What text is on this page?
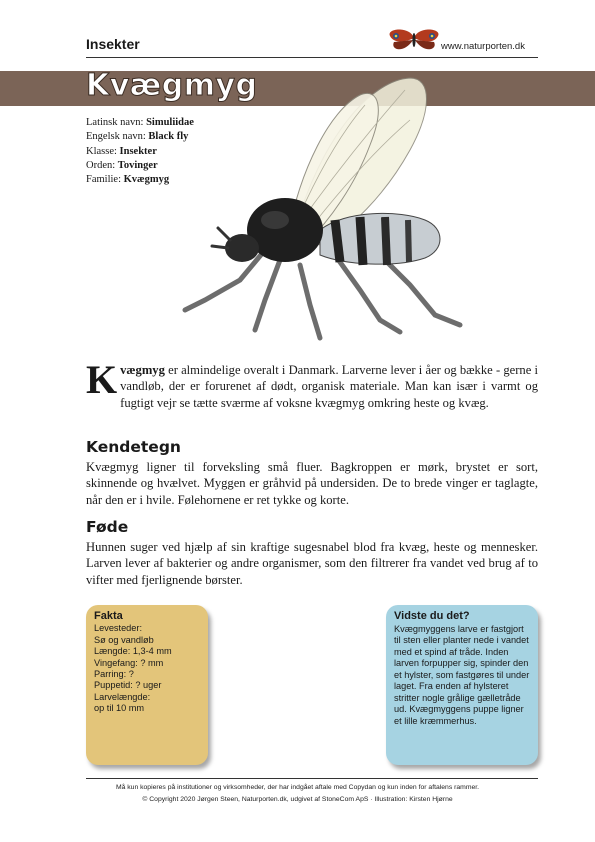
Insekter	www.naturporten.dk
Kvægmyg
Latinsk navn: Simuliidae
Engelsk navn: Black fly
Klasse: Insekter
Orden: Tovinger
Familie: Kvægmyg
Kvægmyg er almindelige overalt i Danmark. Larverne lever i åer og bække - gerne i vandløb, der er forurenet af dødt, organisk materiale. Man kan især i varmt og fugtigt vejr se tætte sværme af voksne kvægmyg omkring heste og kvæg.
Kendetegn
Kvægmyg ligner til forveksling små fluer. Bagkroppen er mørk, brystet er sort, skinnende og hvælvet. Myggen er gråhvid på undersiden. De to brede vinger er taglagte, når den er i hvile. Følehornene er ret tykke og korte.
Føde
Hunnen suger ved hjælp af sin kraftige sugesnabel blod fra kvæg, heste og mennesker. Larven lever af bakterier og andre organismer, som den filtrerer fra vandet ved brug af to vifter med fjerlignende børster.
Fakta
Levesteder:
Sø og vandløb
Længde: 1,3-4 mm
Vingefang: ? mm
Parring: ?
Puppetid: ? uger
Larvelængde:
op til 10 mm
Vidste du det?
Kvægmyggens larve er fastgjort til sten eller planter nede i vandet med et spind af tråde. Inden larven forpupper sig, spinder den et hylster, som fastgøres til under laget. Fra enden af hylsteret stritter nogle grålige gælletråde ud. Kvægmyggens puppe ligner et lille kræmmerhus.
Må kun kopieres på institutioner og virksomheder, der har indgået aftale med Copydan og kun inden for aftalens rammer.
© Copyright 2020 Jørgen Steen, Naturporten.dk, udgivet af StoneCom ApS · Illustration: Kirsten Hjørne
